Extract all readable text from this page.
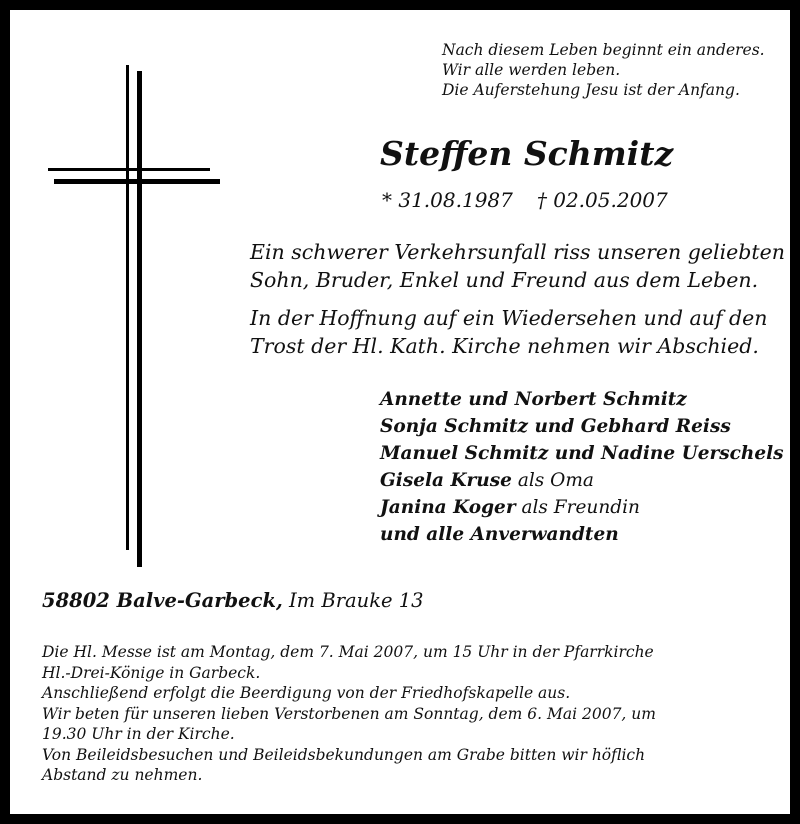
Nach diesem Leben beginnt ein anderes.
Wir alle werden leben.
Die Auferstehung Jesu ist der Anfang.
Steffen Schmitz
* 31.08.1987 † 02.05.2007
Ein schwerer Verkehrsunfall riss unseren geliebten
Sohn, Bruder, Enkel und Freund aus dem Leben.
In der Hoffnung auf ein Wiedersehen und auf den
Trost der Hl. Kath. Kirche nehmen wir Abschied.
Annette und Norbert Schmitz
Sonja Schmitz und Gebhard Reiss
Manuel Schmitz und Nadine Uerschels
Gisela Kruse als Oma
Janina Koger als Freundin
und alle Anverwandten
58802 Balve-Garbeck, Im Brauke 13
Die Hl. Messe ist am Montag, dem 7. Mai 2007, um 15 Uhr in der Pfarrkirche
Hl.-Drei-Könige in Garbeck.
Anschließend erfolgt die Beerdigung von der Friedhofskapelle aus.
Wir beten für unseren lieben Verstorbenen am Sonntag, dem 6. Mai 2007, um
19.30 Uhr in der Kirche.
Von Beileidsbesuchen und Beileidsbekundungen am Grabe bitten wir höflich
Abstand zu nehmen.
